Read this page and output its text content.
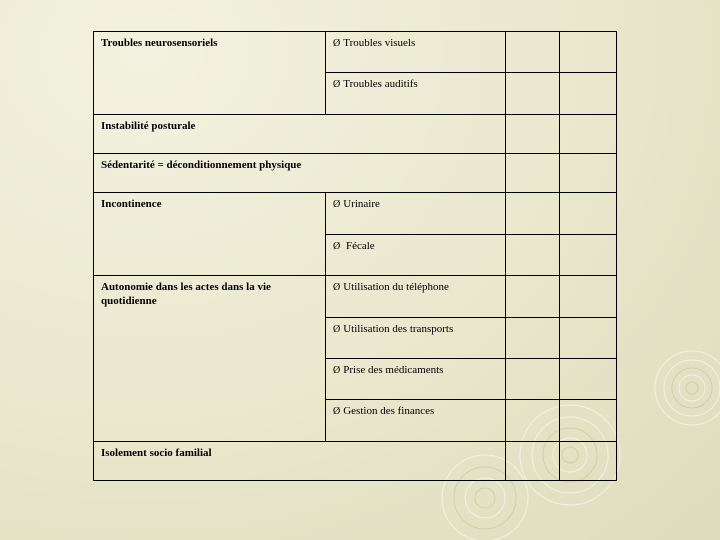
Troubles neurosensoriels	Ø Troubles visuels		
	Ø Troubles auditifs		
Instabilité posturale			
Sédentarité = déconditionnement physique			
Incontinence	Ø Urinaire		
	Ø Fécale		
Autonomie dans les actes dans la vie quotidienne	Ø Utilisation du téléphone		
	Ø Utilisation des transports		
	Ø Prise des médicaments		
	Ø Gestion des finances		
Isolement socio familial			
